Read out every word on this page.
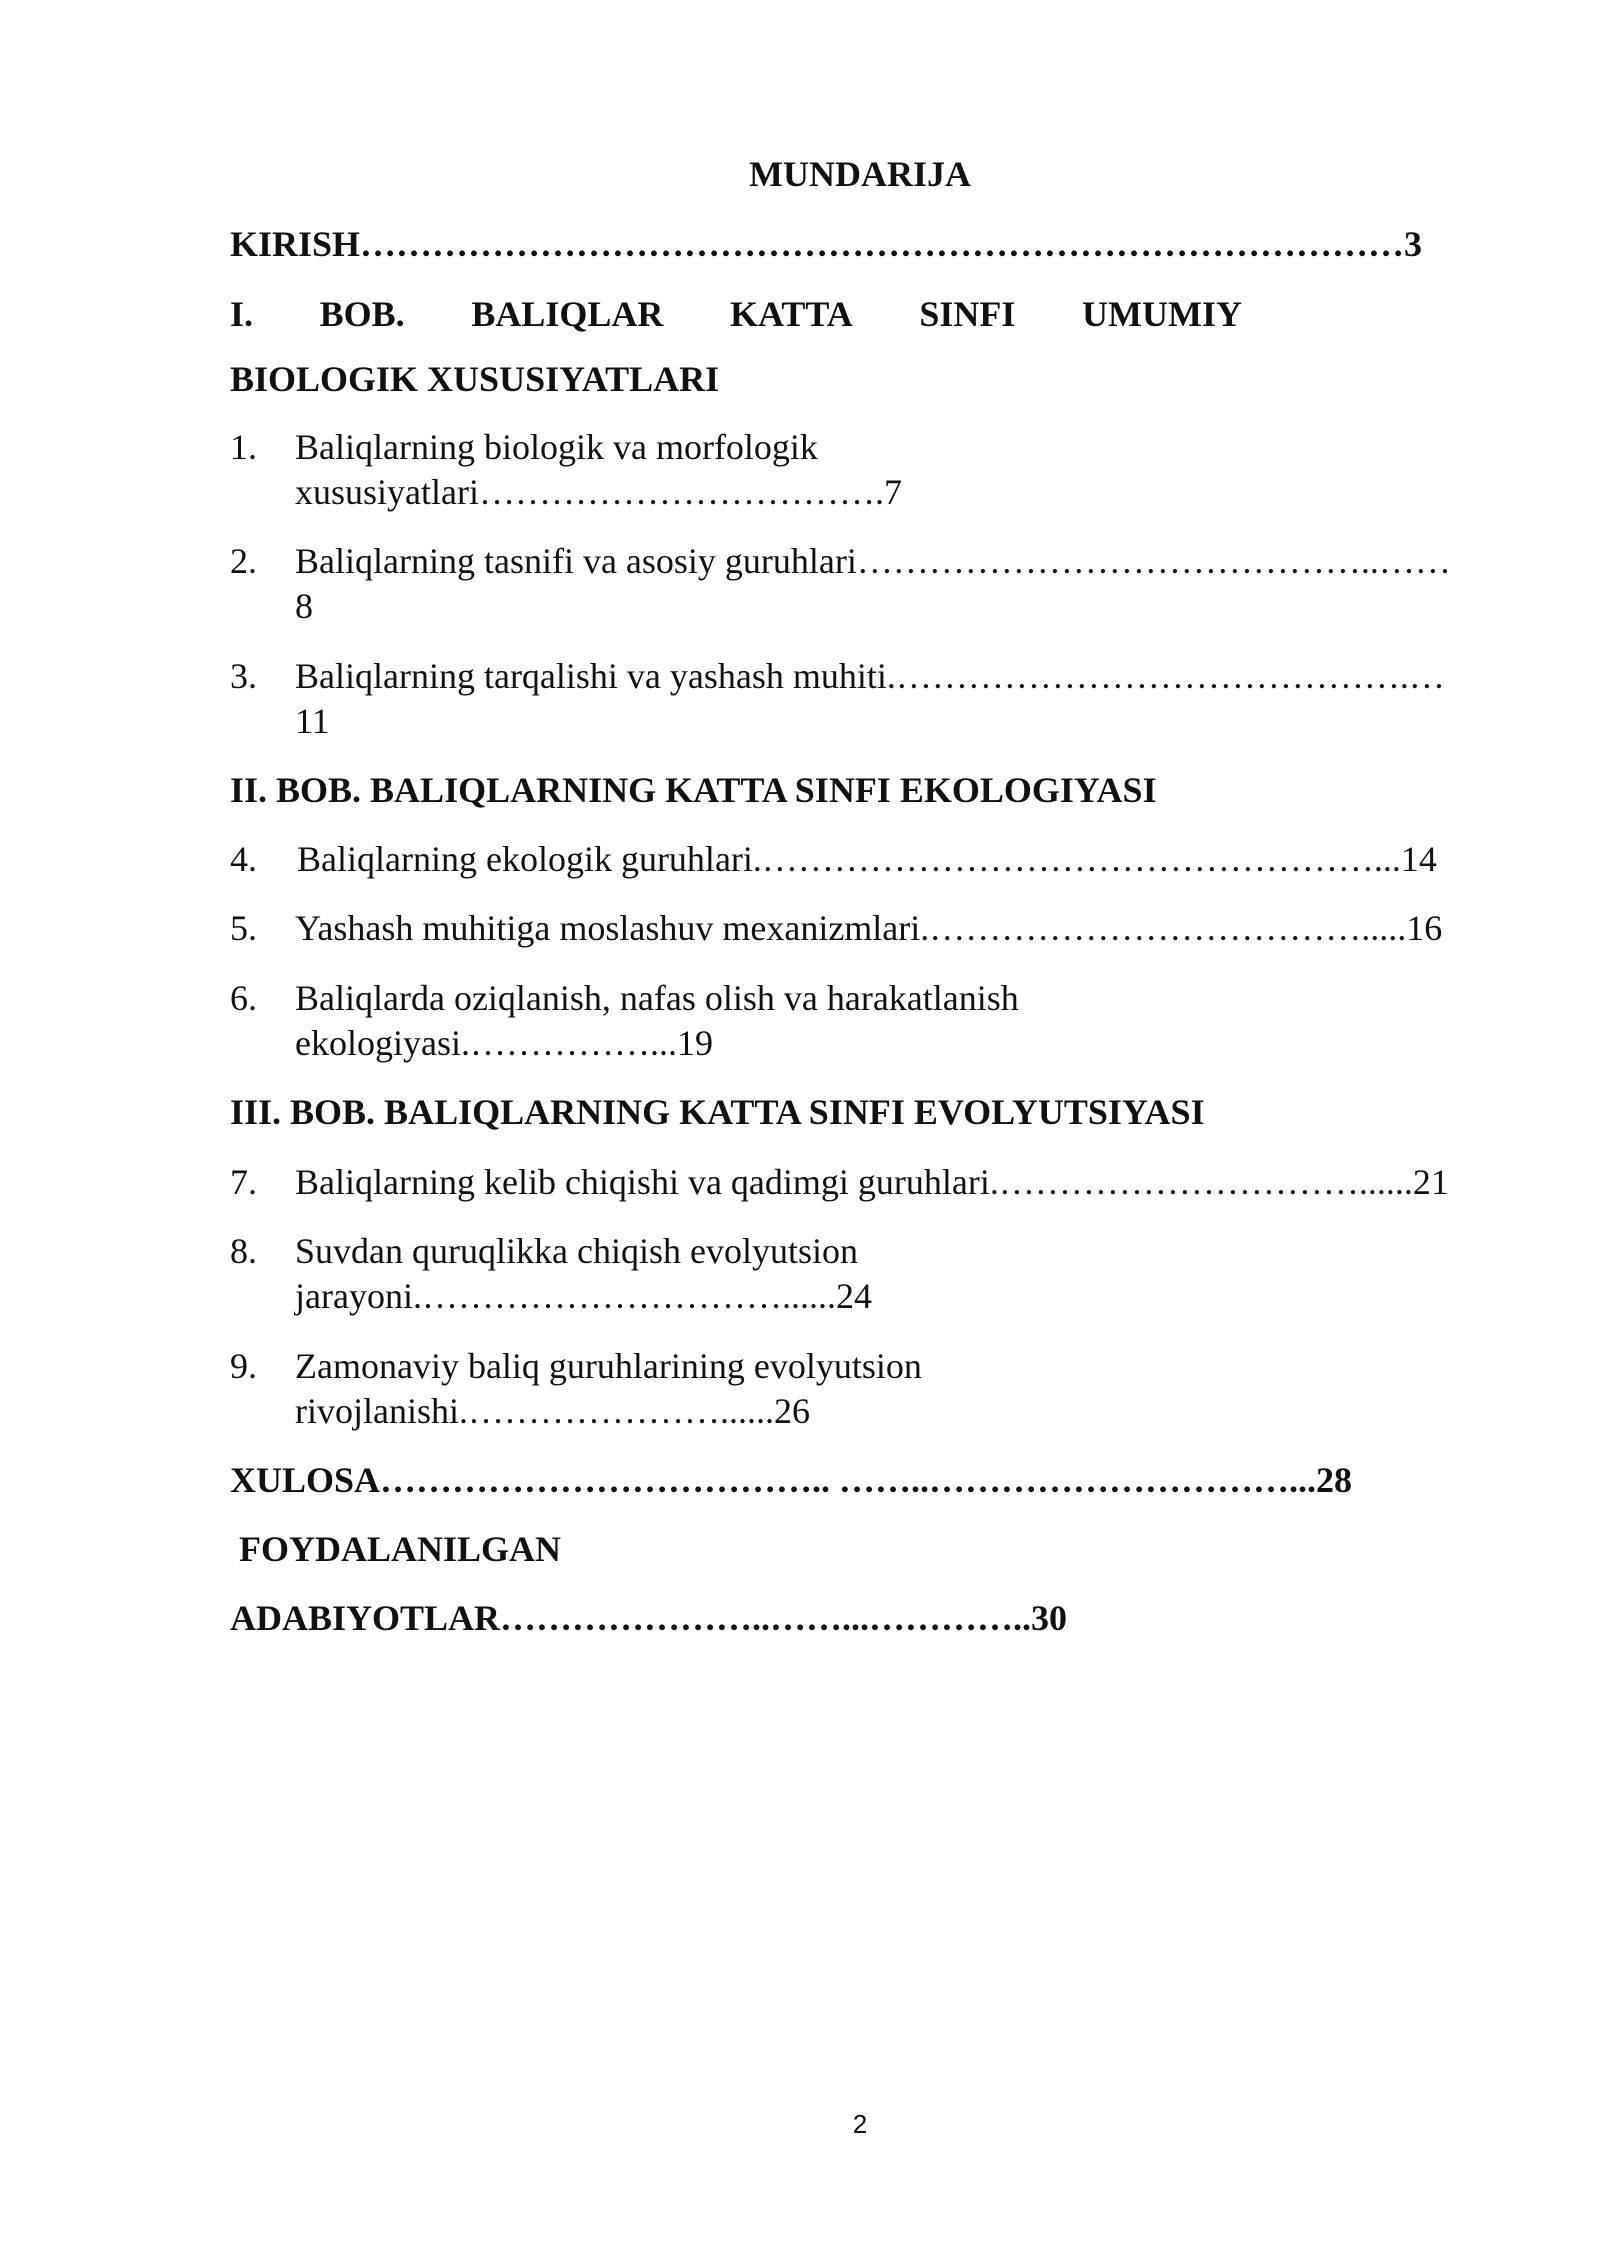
MUNDARIJA
KIRISH……………………………………………………………………………3
I. BOB. BALIQLAR KATTA SINFI UMUMIY
BIOLOGIK XUSUSIYATLARI
1. Baliqlarning biologik va morfologik
xususiyatlari…………………………….7
2. Baliqlarning tasnifi va asosiy guruhlari……………………………………..……
8
3. Baliqlarning tarqalishi va yashash muhiti.…………………………………….…
11
II. BOB. BALIQLARNING KATTA SINFI EKOLOGIYASI
4. Baliqlarning ekologik guruhlari.……………………………………………...14
5. Yashash muhitiga moslashuv mexanizmlari.……………………………….....16
6. Baliqlarda oziqlanish, nafas olish va harakatlanish
ekologiyasi.……………...19
III. BOB. BALIQLARNING KATTA SINFI EVOLYUTSIYASI
7. Baliqlarning kelib chiqishi va qadimgi guruhlari.…………………………......21
8. Suvdan quruqlikka chiqish evolyutsion
jarayoni.…………………………......24
9. Zamonaviy baliq guruhlarining evolyutsion
rivojlanishi.…………………......26
XULOSA……………………………….. ……..…………………………...28
FOYDALANILGAN
ADABIYOTLAR…………………..……...…………..30
2
